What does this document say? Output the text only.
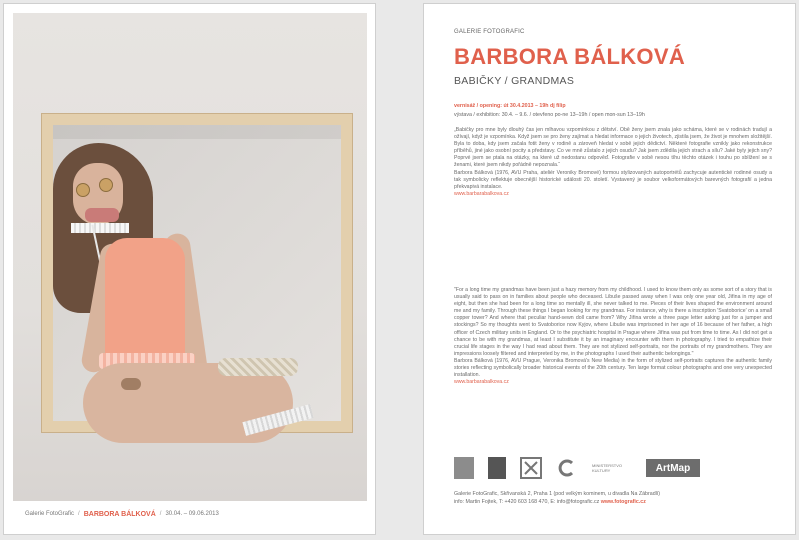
Galerie FotoGrafic / BARBORA BÁLKOVÁ / 30.04. – 09.06.2013
GALERIE FOTOGRAFIC
BARBORA BÁLKOVÁ
BABIČKY / GRANDMAS
vernisáž / opening: út 30.4.2013 – 19h dj filip
výstava / exhibition: 30.4. – 9.6. / otevřeno po-ne 13–19h / open mon-sun 13–19h

„Babičky pro mne byly dlouhý čas jen mlhavou vzpomínkou z dětství. Obě ženy jsem znala jako scháma, které se v rodinách tradují a ožívají, když je vzpomínka. Když jsem se pro ženy zajímat a hledat informace o jejich životech, zjistila jsem, že život je mnohem složitější. Byla to doba, kdy jsem začala fotit ženy v rodině a zároveň hledat v sobě jejich dědictví. Některé fotografie vznikly jako rekonstrukce příběhů, jiné jako osobní pocity a představy. Co ve mně zůstalo z jejich osudu? Jak jsem zdědila jejich strach a sílu? Jaké byly jejich sny? Poprvé jsem se ptala na otázky, na které už nedostanu odpověď. Fotografie v sobě nesou tíhu těchto otázek i touhu po sblížení se s ženami, které jsem nikdy pořádně nepoznala.“

Barbora Bálková (1976, AVU Praha, ateliér Veroniky Bromové) formou stylizovaných autoportrétů zachycuje autentické rodinné osudy a tak symbolicky reflektuje obecnější historické události 20. století. Vystavený je soubor velkoformátových barevných fotografií a jedna překvapivá instalace.

www.barbarabalkova.cz

"For a long time my grandmas have been just a hazy memory from my childhood. I used to know them only as some sort of a story that is usually said to pass on in families about people who deceased. Libuše passed away when I was only one year old, Jiřina in my age of eight, but then she had been for a long time so mentally ill, she never talked to me. Pieces of their lives shaped the environment around me and my family. Through these things I began looking for my grandmas. For instance, why is there a inscription 'Svatoborice' on a small copper tower? And where that peculiar hand-sewn doll came from? Why Jiřina wrote a three page letter asking just for a jumper and stockings? So my thoughts went to Svatoborice now Kyjov, where Libuše was imprisoned in her age of 16 because of her father, a high officer of Czech military units in England. Or to the psychiatric hospital in Prague where Jiřina was put from time to time. As I did not get a chance to be with my grandmas, at least I substitute it by an imaginary encounter with them in photography. I tried to empathize their crucial life stages in the way I had read about them. They are not stylized self-portraits, nor the portraits of my grandmothers. They are impressions loosely filtered and interpreted by me, in the photographs I used their authentic belongings."

Barbora Bálková (1976, AVU Prague, Veronika Bromová's New Media) in the form of stylized self-portraits captures the authentic family stories reflecting symbolically broader historical events of the 20th century. Ten large format colour photographs and one very unexpected installation.

www.barbarabalkova.cz

MINISTERSTVO KULTURY	ArtMap
Galerie FotoGrafic, Skřivanská 2, Praha 1 (pod velkým kominem, u divadla Na Zábradlí)
info: Martin Fojtek, T: +420 603 168 470, E: info@fotografic.cz www.fotografic.cz
